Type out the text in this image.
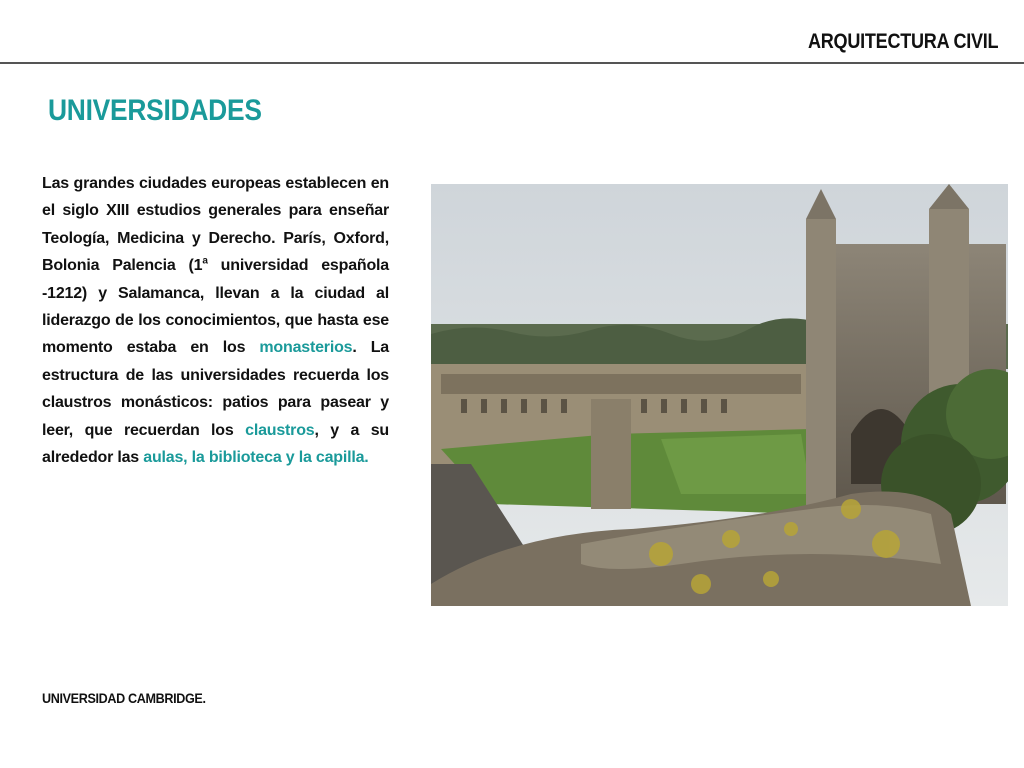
ARQUITECTURA CIVIL
UNIVERSIDADES
Las grandes ciudades europeas establecen en el siglo XIII estudios generales para enseñar Teología, Medicina y Derecho. París, Oxford, Bolonia Palencia (1$^a$ universidad española -1212) y Salamanca, llevan a la ciudad al liderazgo de los conocimientos, que hasta ese momento estaba en los monasterios. La estructura de las universidades recuerda los claustros monásticos: patios para pasear y leer, que recuerdan los claustros, y a su alrededor las aulas, la biblioteca y la capilla.
UNIVERSIDAD CAMBRIDGE.
